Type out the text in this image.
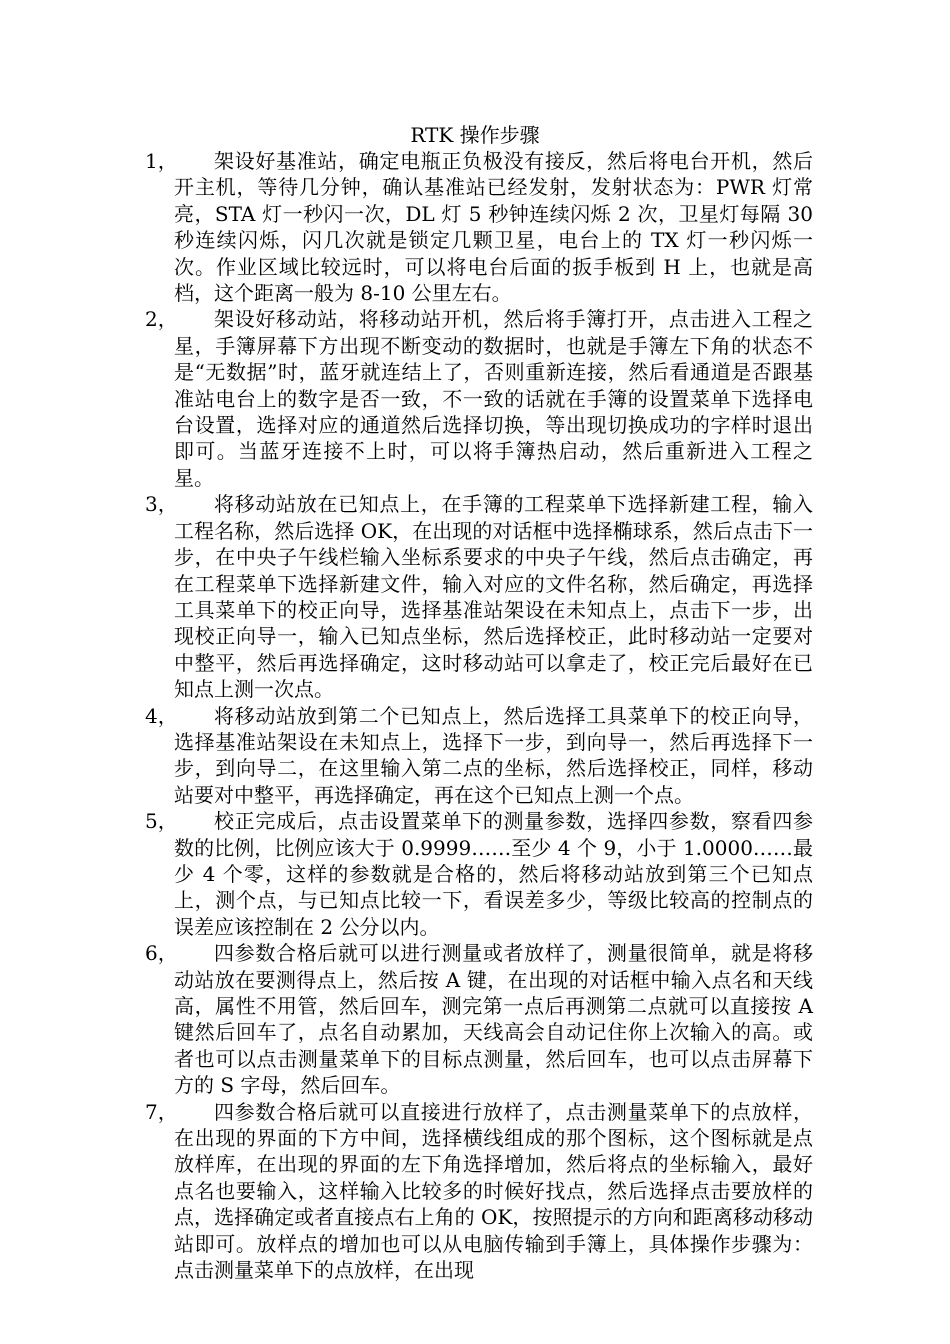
RTK 操作步骤
1，	架设好基准站，确定电瓶正负极没有接反，然后将电台开机，然后开主机，等待几分钟，确认基准站已经发射，发射状态为：PWR 灯常亮，STA 灯一秒闪一次，DL 灯 5 秒钟连续闪烁 2 次，卫星灯每隔 30 秒连续闪烁，闪几次就是锁定几颗卫星，电台上的 TX 灯一秒闪烁一次。作业区域比较远时，可以将电台后面的扳手板到 H 上，也就是高档，这个距离一般为 8-10 公里左右。
2，	架设好移动站，将移动站开机，然后将手簿打开，点击进入工程之星，手簿屏幕下方出现不断变动的数据时，也就是手簿左下角的状态不是“无数据”时，蓝牙就连结上了，否则重新连接，然后看通道是否跟基准站电台上的数字是否一致，不一致的话就在手簿的设置菜单下选择电台设置，选择对应的通道然后选择切换，等出现切换成功的字样时退出即可。当蓝牙连接不上时，可以将手簿热启动，然后重新进入工程之星。
3，	将移动站放在已知点上，在手簿的工程菜单下选择新建工程，输入工程名称，然后选择 OK，在出现的对话框中选择椭球系，然后点击下一步，在中央子午线栏输入坐标系要求的中央子午线，然后点击确定，再在工程菜单下选择新建文件，输入对应的文件名称，然后确定，再选择工具菜单下的校正向导，选择基准站架设在未知点上，点击下一步，出现校正向导一，输入已知点坐标，然后选择校正，此时移动站一定要对中整平，然后再选择确定，这时移动站可以拿走了，校正完后最好在已知点上测一次点。
4，	将移动站放到第二个已知点上，然后选择工具菜单下的校正向导，选择基准站架设在未知点上，选择下一步，到向导一，然后再选择下一步，到向导二，在这里输入第二点的坐标，然后选择校正，同样，移动站要对中整平，再选择确定，再在这个已知点上测一个点。
5，	校正完成后，点击设置菜单下的测量参数，选择四参数，察看四参数的比例，比例应该大于 0.9999……至少 4 个 9，小于 1.0000……最少 4 个零，这样的参数就是合格的，然后将移动站放到第三个已知点上，测个点，与已知点比较一下，看误差多少，等级比较高的控制点的误差应该控制在 2 公分以内。
6，	四参数合格后就可以进行测量或者放样了，测量很简单，就是将移动站放在要测得点上，然后按 A 键，在出现的对话框中输入点名和天线高，属性不用管，然后回车，测完第一点后再测第二点就可以直接按 A 键然后回车了，点名自动累加，天线高会自动记住你上次输入的高。或者也可以点击测量菜单下的目标点测量，然后回车，也可以点击屏幕下方的 S 字母，然后回车。
7，	四参数合格后就可以直接进行放样了，点击测量菜单下的点放样，在出现的界面的下方中间，选择横线组成的那个图标，这个图标就是点放样库，在出现的界面的左下角选择增加，然后将点的坐标输入，最好点名也要输入，这样输入比较多的时候好找点，然后选择点击要放样的点，选择确定或者直接点右上角的 OK，按照提示的方向和距离移动移动站即可。放样点的增加也可以从电脑传输到手簿上，具体操作步骤为：点击测量菜单下的点放样，在出现
